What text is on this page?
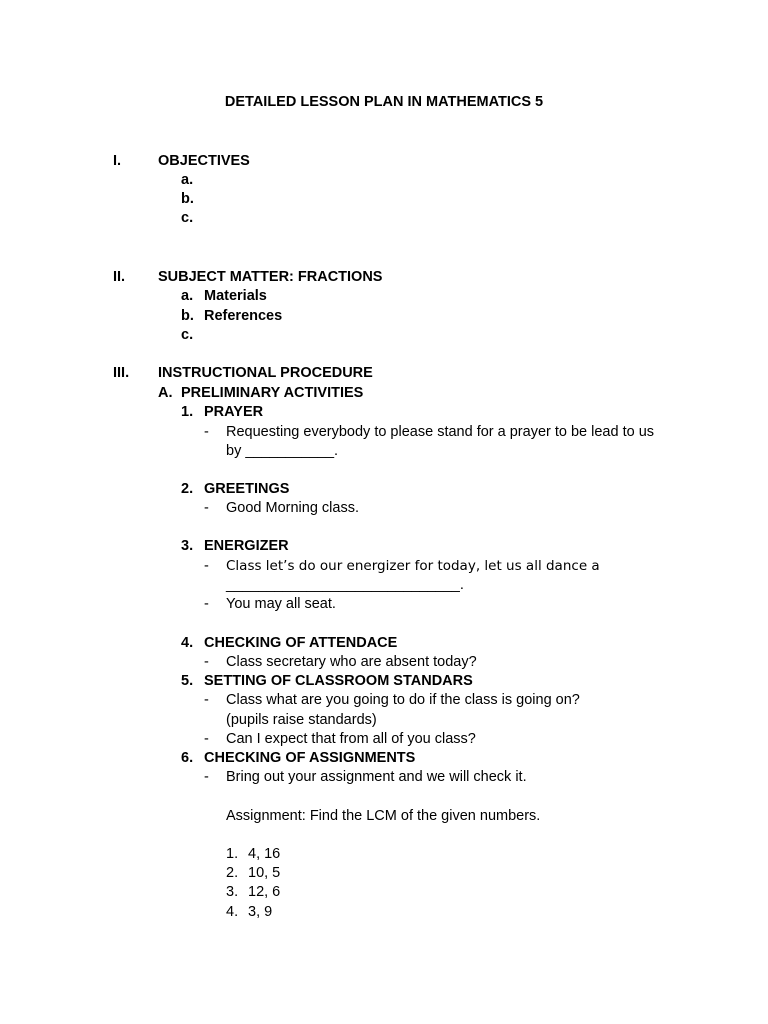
DETAILED LESSON PLAN IN MATHEMATICS 5
I.	OBJECTIVES
a.
b.
c.
II. SUBJECT MATTER: FRACTIONS
a. Materials
b. References
c.
III. INSTRUCTIONAL PROCEDURE
A. PRELIMINARY ACTIVITIES
1. PRAYER
- Requesting everybody to please stand for a prayer to be lead to us
by ___________.
2. GREETINGS
- Good Morning class.
3. ENERGIZER
- Class let’s do our energizer for today, let us all dance a
_____________________________.
- You may all seat.
4. CHECKING OF ATTENDACE
- Class secretary who are absent today?
5. SETTING OF CLASSROOM STANDARS
- Class what are you going to do if the class is going on?
(pupils raise standards)
- Can I expect that from all of you class?
6. CHECKING OF ASSIGNMENTS
- Bring out your assignment and we will check it.
Assignment: Find the LCM of the given numbers.
1. 4, 16
2. 10, 5
3. 12, 6
4. 3, 9
